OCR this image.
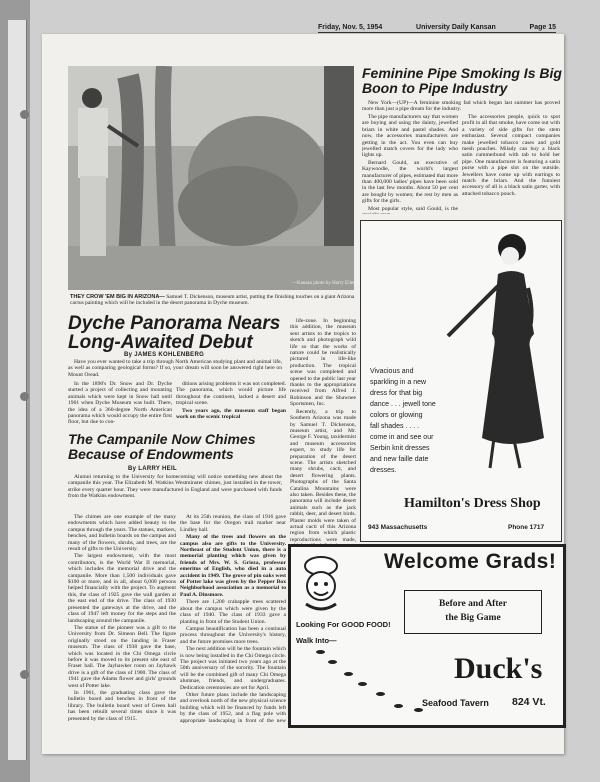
Friday, Nov. 5, 1954	University Daily Kansan	Page 15
—Kansan photo by Harry Eilert
THEY CROW 'EM BIG IN ARIZONA— Samuel T. Dickenson, museum artist, putting the finishing touches on a giant Arizona cactus painting which will be included in the desert panorama in Dyche museum.
Dyche Panorama Nears Long-Awaited Debut
By JAMES KOHLENBERG

Have you ever wanted to take a trip through North American studying plant and animal life, as well as comparing geological forms? If so, your dream will soon be answered right here on Mount Oread.

In the 1890's Dr. Snow and Dr. Dyche started a project of collecting and mounting animals which were kept in Snow hall until 1901 when Dyche Museum was built. There, the idea of a 360-degree North American panorama which would occupy the entire first floor, but due to con-

ditions arising problems it was not completed. The panorama, which would picture life throughout the continent, lacked a desert and tropical scene.

Two years ago, the museum staff began work on the scenic tropical

life-zone. In beginning this addition, the museum sent artists to the tropics to sketch and photograph wild life so that the works of nature could be realistically pictured in life-like production. The tropical scene was completed and opened to the public last year thanks to the appropriations received from Alfred J. Robinson and the Shawnee Sportsmen, Inc.

Recently, a trip to Southern Arizona was made by Samuel T. Dickenson, museum artist, and Mr. George F. Young, taxidermist and museum accessories expert, to study life for preparation of the desert scene. The artists sketched many shrubs, cacti, and desert flowering plants. Photographs of the Santa Catalina Mountains were also taken. Besides these, the panorama will include desert animals such as the jack rabbit, deer, and desert birds. Plaster molds were taken of actual cacti of this Arizona region from which plastic reproductions were made,

The Campanile Now Chimes Because of Endowments
By LARRY HEIL

Alumni returning to the University for homecoming will notice something new about the campanile this year. The Elizabeth M. Watkins Westminster chimes, just installed in the tower, strike every quarter hour. They were manufactured in England and were purchased with funds from the Watkins endowment.

The chimes are one example of the many endowments which have added beauty to the campus through the years. The statues, markers, benches, and bulletin boards on the campus and many of the flowers, shrubs, and trees, are the result of gifts to the University.

The largest endowment, with the most contributors, is the World War II memorial, which includes the memorial drive and the campanile. More than 1,500 individuals gave $100 or more, and in all, about 6,000 persons helped financially with the project. To augment this, the class of 1925 gave the wall garden at the east end of the drive. The class of 1930 presented the gateways at the drive, and the class of 1947 left money for the steps and the landscaping around the campanile.

The statue of the pioneer was a gift to the University from Dr. Simeon Bell. The figure originally stood on the landing in Fraser museum. The class of 1938 gave the base, which was located in the Chi Omega circle before it was moved to its present site east of Fraser hall. The Jayhawker room on Jayhawk drive is a gift of the class of 1900. The class of 1941 gave the Adams flower and girls' grounds west of Potter lake.

In 1961, the graduating class gave the bulletin board and benches in front of the library. The bulletin board west of Green hall has been rebuilt several times since it was presented by the class of 1915.

At its 25th reunion, the class of 1916 gave the base for the Oregon trail marker near Lindley hall.

Many of the trees and flowers on the campus also are gifts to the University. Northeast of the Student Union, there is a memorial planting which was given by friends of Mrs. W. S. Grieza, professor emeritus of English, who died in a auto accident in 1949. The grove of pin oaks west of Potter lake was given by the Pepper Box Neighborhood association as a memorial to Paul A. Dinsmore.

There are 1,200 crabapple trees scattered about the campus which were given by the class of 1940. The class of 1933 gave a planting in front of the Student Union.

Campus beautification has been a continual process throughout the University's history, and the future promises more trees.

The next addition will be the fountain which is now being installed in the Chi Omega circle. The project was initiated two years ago at the 50th anniversary of the sorority. The fountain will be the combined gift of many Chi Omega alumnae, friends, and undergraduates. Dedication ceremonies are set for April.

Other future plans include the landscaping and overlook north of the new physical science building which will be financed by funds left by the class of 1952, and a flag pole with appropriate landscaping in front of the new

Feminine Pipe Smoking Is Big Boon to Pipe Industry

New York—(UP)—A feminine smoking fad which began last summer has proved more than just a pipe dream for the industry.

The pipe manufacturers say that women are buying and using the dainty, jewelled briars in white and pastel shades. And now, the accessories manufacturers are getting in the act. You even can buy jewelled match covers for the lady who lights up.

Bernard Gould, an executive of Kaywoodie, the world's largest manufacturer of pipes, estimated that more than 400,000 ladies' pipes have been sold in the last few months. About 50 per cent are bought by women; the rest by men as gifts for the girls.

Most popular style, said Gould, is the

The accessories people, quick to spot profit in all that smoke, have come out with a variety of side gifts for the stem enthusiast. Several compact companies make jewelled tobacco cases and gold mesh pouches. Milady can buy a black satin cummerbund with tab to hold her pipe. One manufacturer is featuring a satin purse with a pipe slot on the outside. Jewellers have come up with earrings to match the briars. And the funniest accessory of all is a black satin garter, with attached tobacco pouch.

Vivacious and
sparkling in a new
dress for that big
dance . . . jewell tone
colors or glowing
fall shades . . . .
come in and see our
Serbin knit dresses
and new faille date
dresses.
Hamilton's Dress Shop
943 Massachusetts	Phone 1717
Welcome Grads!
Before and After
the Big Game
Looking For GOOD FOOD!
Walk Into—
Duck's
Seafood Tavern 824 Vt.
